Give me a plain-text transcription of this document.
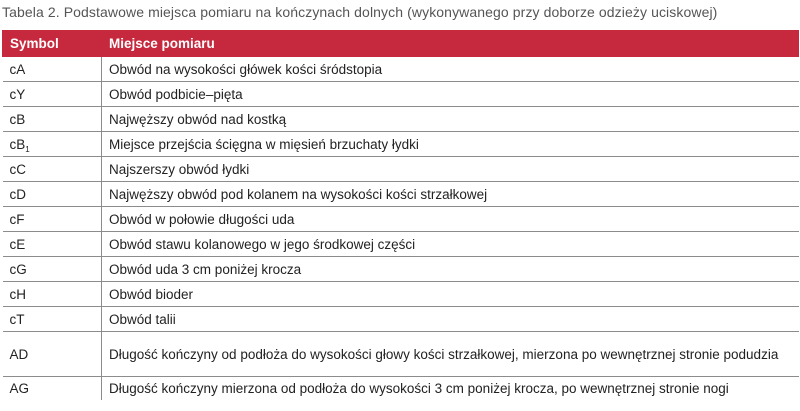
Tabela 2. Podstawowe miejsca pomiaru na kończynach dolnych (wykonywanego przy doborze odzieży uciskowej)
Symbol	Miejsce pomiaru
cA	Obwód na wysokości główek kości śródstopia
cY	Obwód podbicie–pięta
cB	Najwęższy obwód nad kostką
$cB_1$	Miejsce przejścia ścięgna w mięsień brzuchaty łydki
cC	Najszerszy obwód łydki
cD	Najwęższy obwód pod kolanem na wysokości kości strzałkowej
cF	Obwód w połowie długości uda
cE	Obwód stawu kolanowego w jego środkowej części
cG	Obwód uda 3 cm poniżej krocza
cH	Obwód bioder
cT	Obwód talii
AD	Długość kończyny od podłoża do wysokości głowy kości strzałkowej, mierzona po wewnętrznej stronie podudzia
AG	Długość kończyny mierzona od podłoża do wysokości 3 cm poniżej krocza, po wewnętrznej stronie nogi
